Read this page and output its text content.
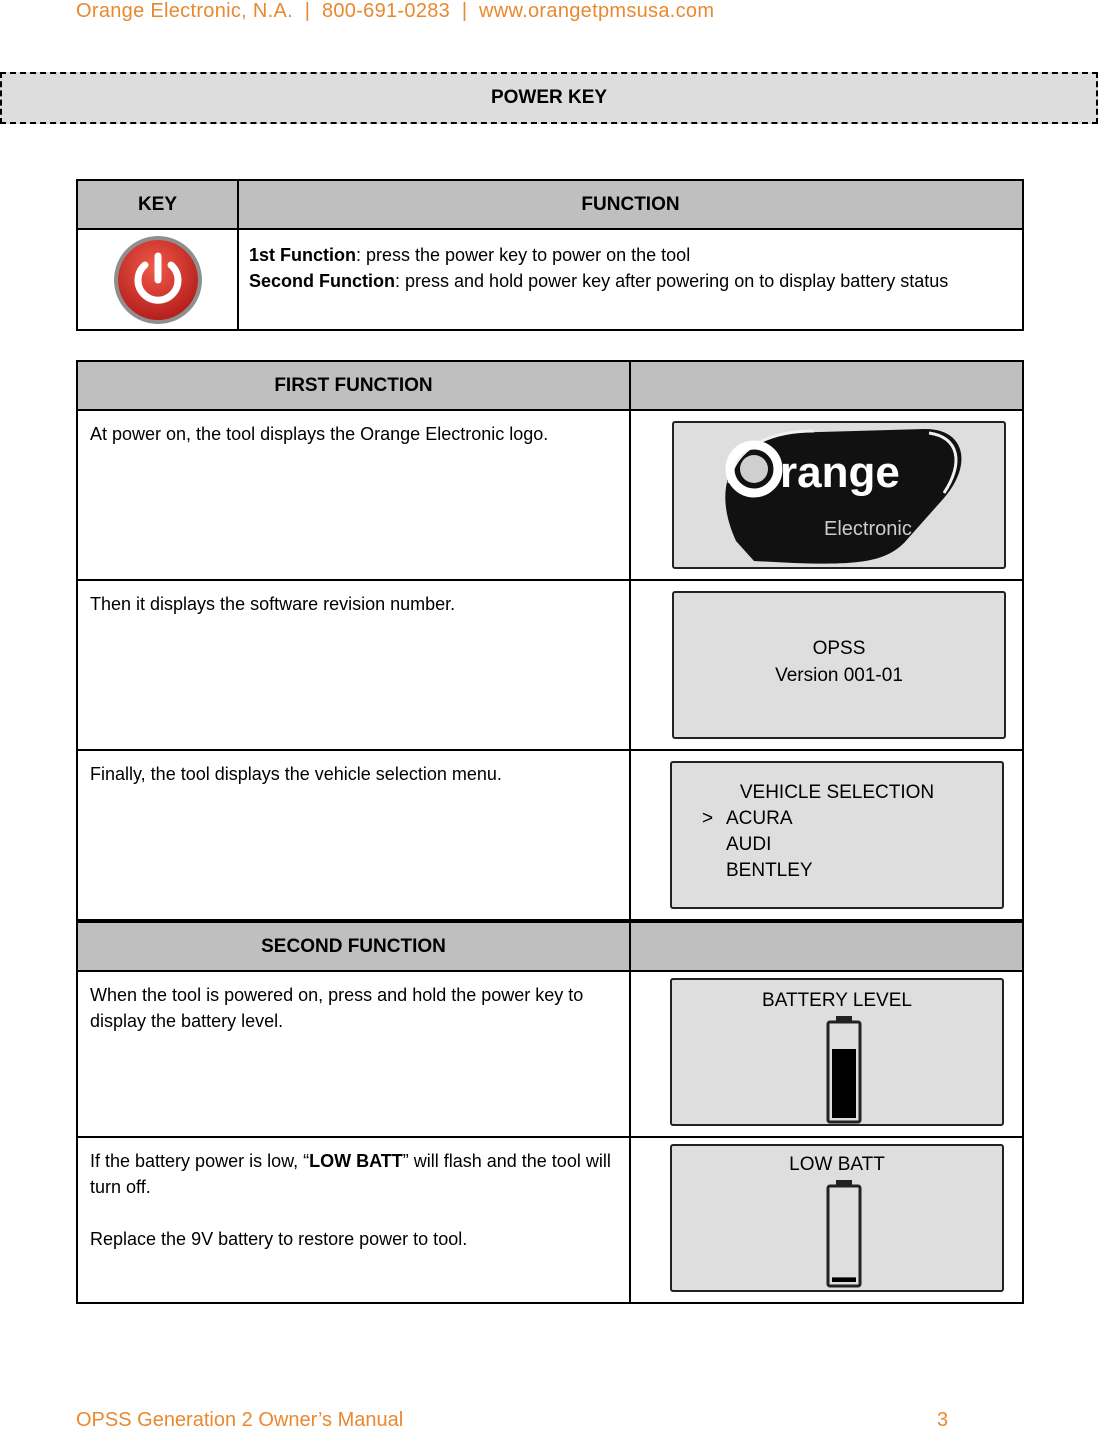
Orange Electronic, N.A. | 800-691-0283 | www.orangetpmsusa.com
POWER KEY
KEY	FUNCTION

1st Function: press the power key to power on the tool
Second Function: press and hold power key after powering on to display battery status
FIRST FUNCTION	
At power on, the tool displays the Orange Electronic logo.	range
Electronic

Then it displays the software revision number.	OPSS
Version 001-01

Finally, the tool displays the vehicle selection menu.	VEHICLE SELECTION
> ACURA
AUDI
BENTLEY
SECOND FUNCTION	
When the tool is powered on, press and hold the power key to display the battery level.	BATTERY LEVEL

If the battery power is low, “LOW BATT” will flash and the tool will turn off.
Replace the 9V battery to restore power to tool.	LOW BATT
OPSS Generation 2 Owner’s Manual	3
